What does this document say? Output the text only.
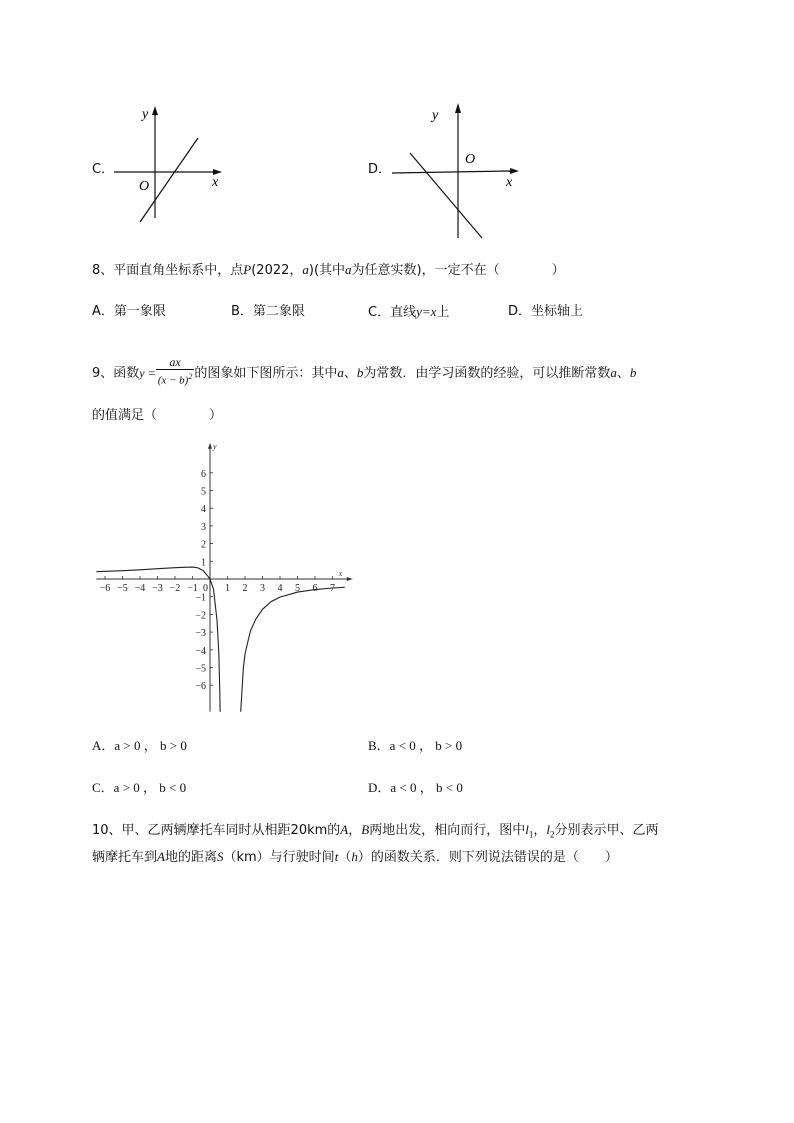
C．
y
x
O
D．
y
x
O
8、平面直角坐标系中，点P(2022，a)(其中a为任意实数)，一定不在（　　　　）
A．第一象限	B．第二象限	C．直线y=x上	D．坐标轴上
9、函数$y = \frac{ax}{(x - b)^2}$ 的图象如下图所示：其中a、b为常数．由学习函数的经验，可以推断常数a、b
的值满足（　　　　）
x
y
−6 −5 −4 −3 −2 −1	1 2 3 4 5 6 7
6
5
4
3
2
1
−1
−2
−3
−4
−5
−6
0
A．a > 0 ， b > 0	B．a < 0 ， b > 0
C．a > 0 ， b < 0	D．a < 0 ， b < 0
10、甲、乙两辆摩托车同时从相距20km的A，B两地出发，相向而行，图中$l_1$，$l_2$分别表示甲、乙两
辆摩托车到A地的距离S（km）与行驶时间t（h）的函数关系．则下列说法错误的是（　　）
